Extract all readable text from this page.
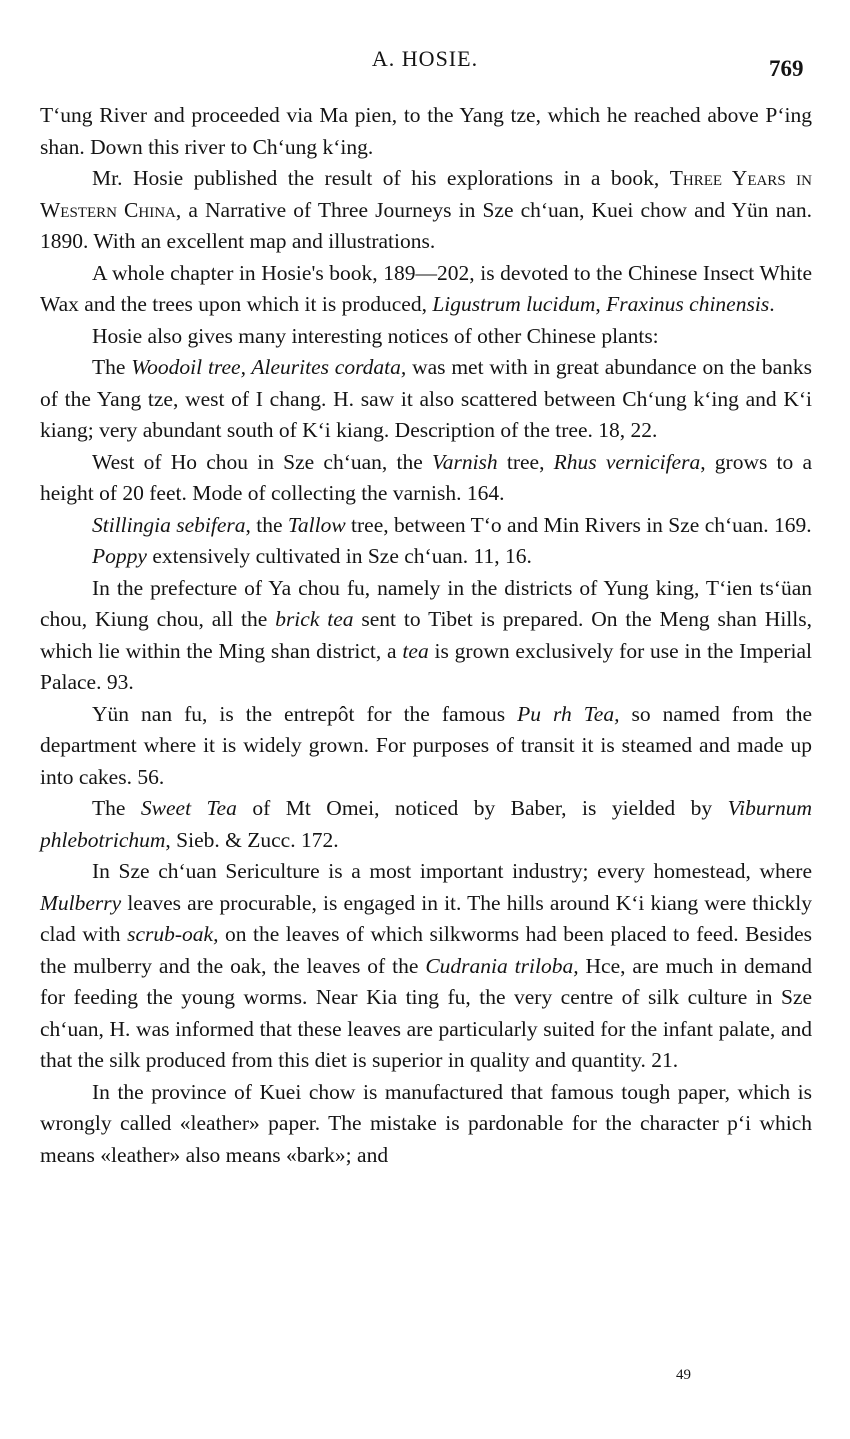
A. HOSIE.	769

Tʻung River and proceeded via Ma pien, to the Yang tze, which he reached above Pʻing shan. Down this river to Chʻung kʻing.

Mr. Hosie published the result of his explorations in a book, Three Years in Western China, a Narrative of Three Journeys in Sze chʻuan, Kuei chow and Yün nan. 1890. With an excellent map and illustrations.

A whole chapter in Hosie's book, 189—202, is devoted to the Chinese Insect White Wax and the trees upon which it is produced, Ligustrum lucidum, Fraxinus chinensis.

Hosie also gives many interesting notices of other Chinese plants:

The Woodoil tree, Aleurites cordata, was met with in great abundance on the banks of the Yang tze, west of I chang. H. saw it also scattered between Chʻung kʻing and Kʻi kiang; very abundant south of Kʻi kiang. Description of the tree. 18, 22.

West of Ho chou in Sze chʻuan, the Varnish tree, Rhus vernicifera, grows to a height of 20 feet. Mode of collecting the varnish. 164.

Stillingia sebifera, the Tallow tree, between Tʻo and Min Rivers in Sze chʻuan. 169.

Poppy extensively cultivated in Sze chʻuan. 11, 16.

In the prefecture of Ya chou fu, namely in the districts of Yung king, Tʻien tsʻüan chou, Kiung chou, all the brick tea sent to Tibet is prepared. On the Meng shan Hills, which lie within the Ming shan district, a tea is grown exclusively for use in the Imperial Palace. 93.

Yün nan fu, is the entrepôt for the famous Pu rh Tea, so named from the department where it is widely grown. For purposes of transit it is steamed and made up into cakes. 56.

The Sweet Tea of Mt Omei, noticed by Baber, is yielded by Viburnum phlebotrichum, Sieb. & Zucc. 172.

In Sze chʻuan Sericulture is a most important industry; every homestead, where Mulberry leaves are procurable, is engaged in it. The hills around Kʻi kiang were thickly clad with scrub-oak, on the leaves of which silkworms had been placed to feed. Besides the mulberry and the oak, the leaves of the Cudrania triloba, Hce, are much in demand for feeding the young worms. Near Kia ting fu, the very centre of silk culture in Sze chʻuan, H. was informed that these leaves are particularly suited for the infant palate, and that the silk produced from this diet is superior in quality and quantity. 21.

In the province of Kuei chow is manufactured that famous tough paper, which is wrongly called «leather» paper. The mistake is pardonable for the character pʻi which means «leather» also means «bark»; and

49
